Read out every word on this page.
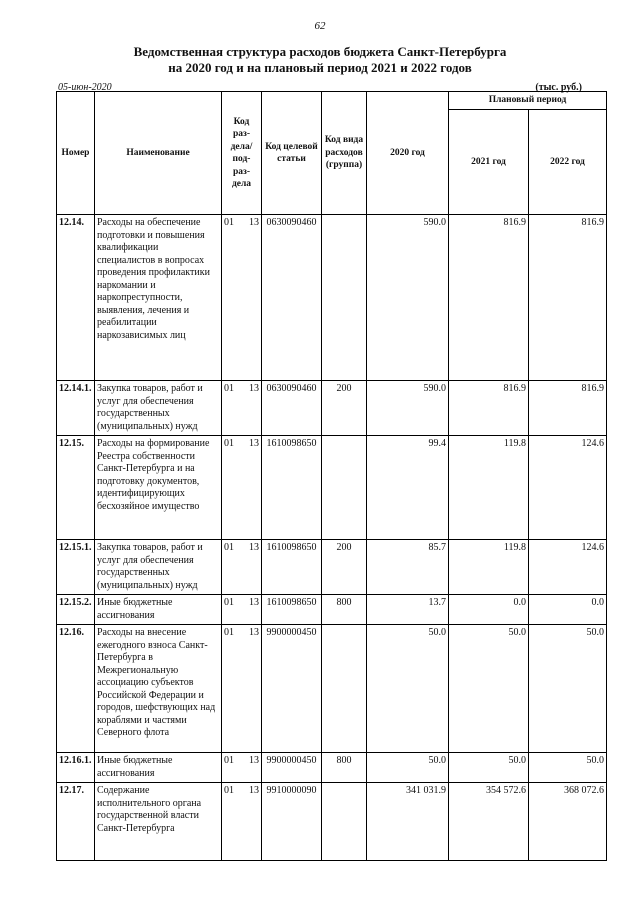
62
Ведомственная структура расходов бюджета Санкт-Петербурга
на 2020 год и на плановый период 2021 и 2022 годов
05-июн-2020	(тыс. руб.)
Номер	Наименование	Код раз- дела/ под- раз- дела		Код целевой статьи	Код вида расходов (группа)	2020 год	Плановый период	
							2021 год	2022 год
12.14.	Расходы на обеспечение подготовки и повышения квалификации специалистов в вопросах проведения профилактики наркомании и наркопреступности, выявления, лечения и реабилитации наркозависимых лиц	01	13	0630090460		590.0	816.9	816.9
12.14.1.	Закупка товаров, работ и услуг для обеспечения государственных (муниципальных) нужд	01	13	0630090460	200	590.0	816.9	816.9
12.15.	Расходы на формирование Реестра собственности Санкт-Петербурга и на подготовку документов, идентифицирующих бесхозяйное имущество	01	13	1610098650		99.4	119.8	124.6
12.15.1.	Закупка товаров, работ и услуг для обеспечения государственных (муниципальных) нужд	01	13	1610098650	200	85.7	119.8	124.6
12.15.2.	Иные бюджетные ассигнования	01	13	1610098650	800	13.7	0.0	0.0
12.16.	Расходы на внесение ежегодного взноса Санкт-Петербурга в Межрегиональную ассоциацию субъектов Российской Федерации и городов, шефствующих над кораблями и частями Северного флота	01	13	9900000450		50.0	50.0	50.0
12.16.1.	Иные бюджетные ассигнования	01	13	9900000450	800	50.0	50.0	50.0
12.17.	Содержание исполнительного органа государственной власти Санкт-Петербурга	01	13	9910000090		341 031.9	354 572.6	368 072.6
